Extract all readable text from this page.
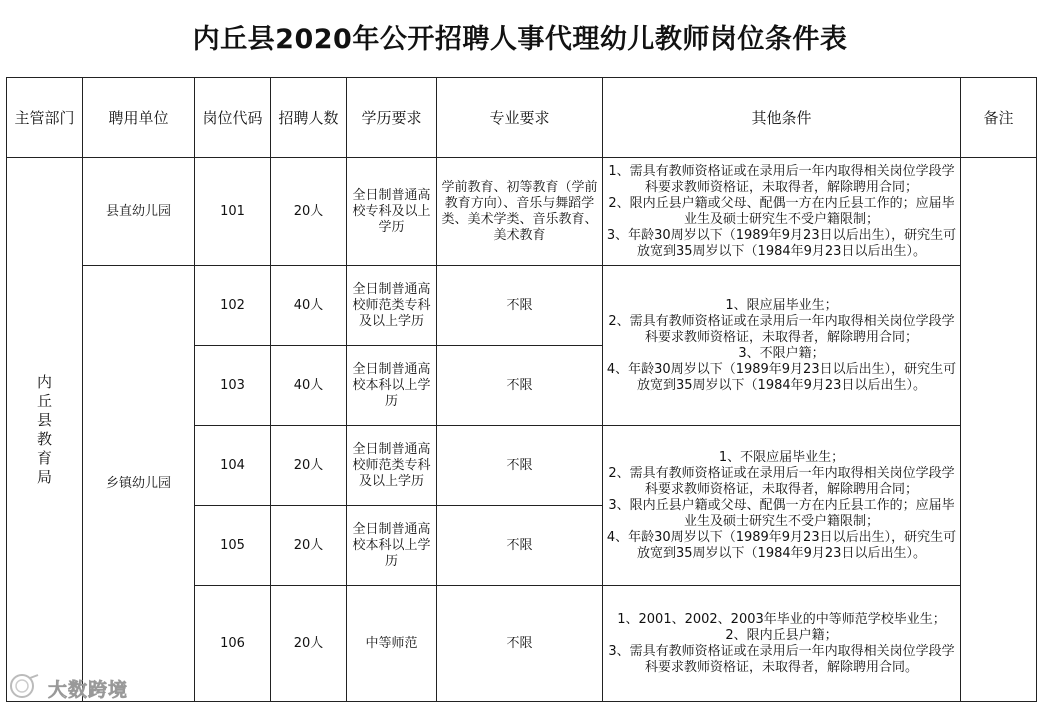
内丘县2020年公开招聘人事代理幼儿教师岗位条件表
主管部门	聘用单位	岗位代码	招聘人数	学历要求	专业要求	其他条件	备注
内丘县教育局	县直幼儿园	101	20人	全日制普通高校专科及以上学历	学前教育、初等教育（学前教育方向）、音乐与舞蹈学类、美术学类、音乐教育、美术教育	1、需具有教师资格证或在录用后一年内取得相关岗位学段学科要求教师资格证，未取得者，解除聘用合同；
2、限内丘县户籍或父母、配偶一方在内丘县工作的；应届毕业生及硕士研究生不受户籍限制；
3、年龄30周岁以下（1989年9月23日以后出生），研究生可放宽到35周岁以下（1984年9月23日以后出生）。	

	乡镇幼儿园	102	40人	全日制普通高校师范类专科及以上学历	不限	1、限应届毕业生；
2、需具有教师资格证或在录用后一年内取得相关岗位学段学科要求教师资格证，未取得者，解除聘用合同；
3、不限户籍；
4、年龄30周岁以下（1989年9月23日以后出生），研究生可放宽到35周岁以下（1984年9月23日以后出生）。	

		103	40人	全日制普通高校本科以上学历	不限		
		104	20人	全日制普通高校师范类专科及以上学历	不限	1、不限应届毕业生；
2、需具有教师资格证或在录用后一年内取得相关岗位学段学科要求教师资格证，未取得者，解除聘用合同；
3、限内丘县户籍或父母、配偶一方在内丘县工作的；应届毕业生及硕士研究生不受户籍限制；
4、年龄30周岁以下（1989年9月23日以后出生），研究生可放宽到35周岁以下（1984年9月23日以后出生）。	

		105	20人	全日制普通高校本科以上学历	不限		
		106	20人	中等师范	不限	1、2001、2002、2003年毕业的中等师范学校毕业生；
2、限内丘县户籍；
3、需具有教师资格证或在录用后一年内取得相关岗位学段学科要求教师资格证，未取得者，解除聘用合同。	
大数跨境
